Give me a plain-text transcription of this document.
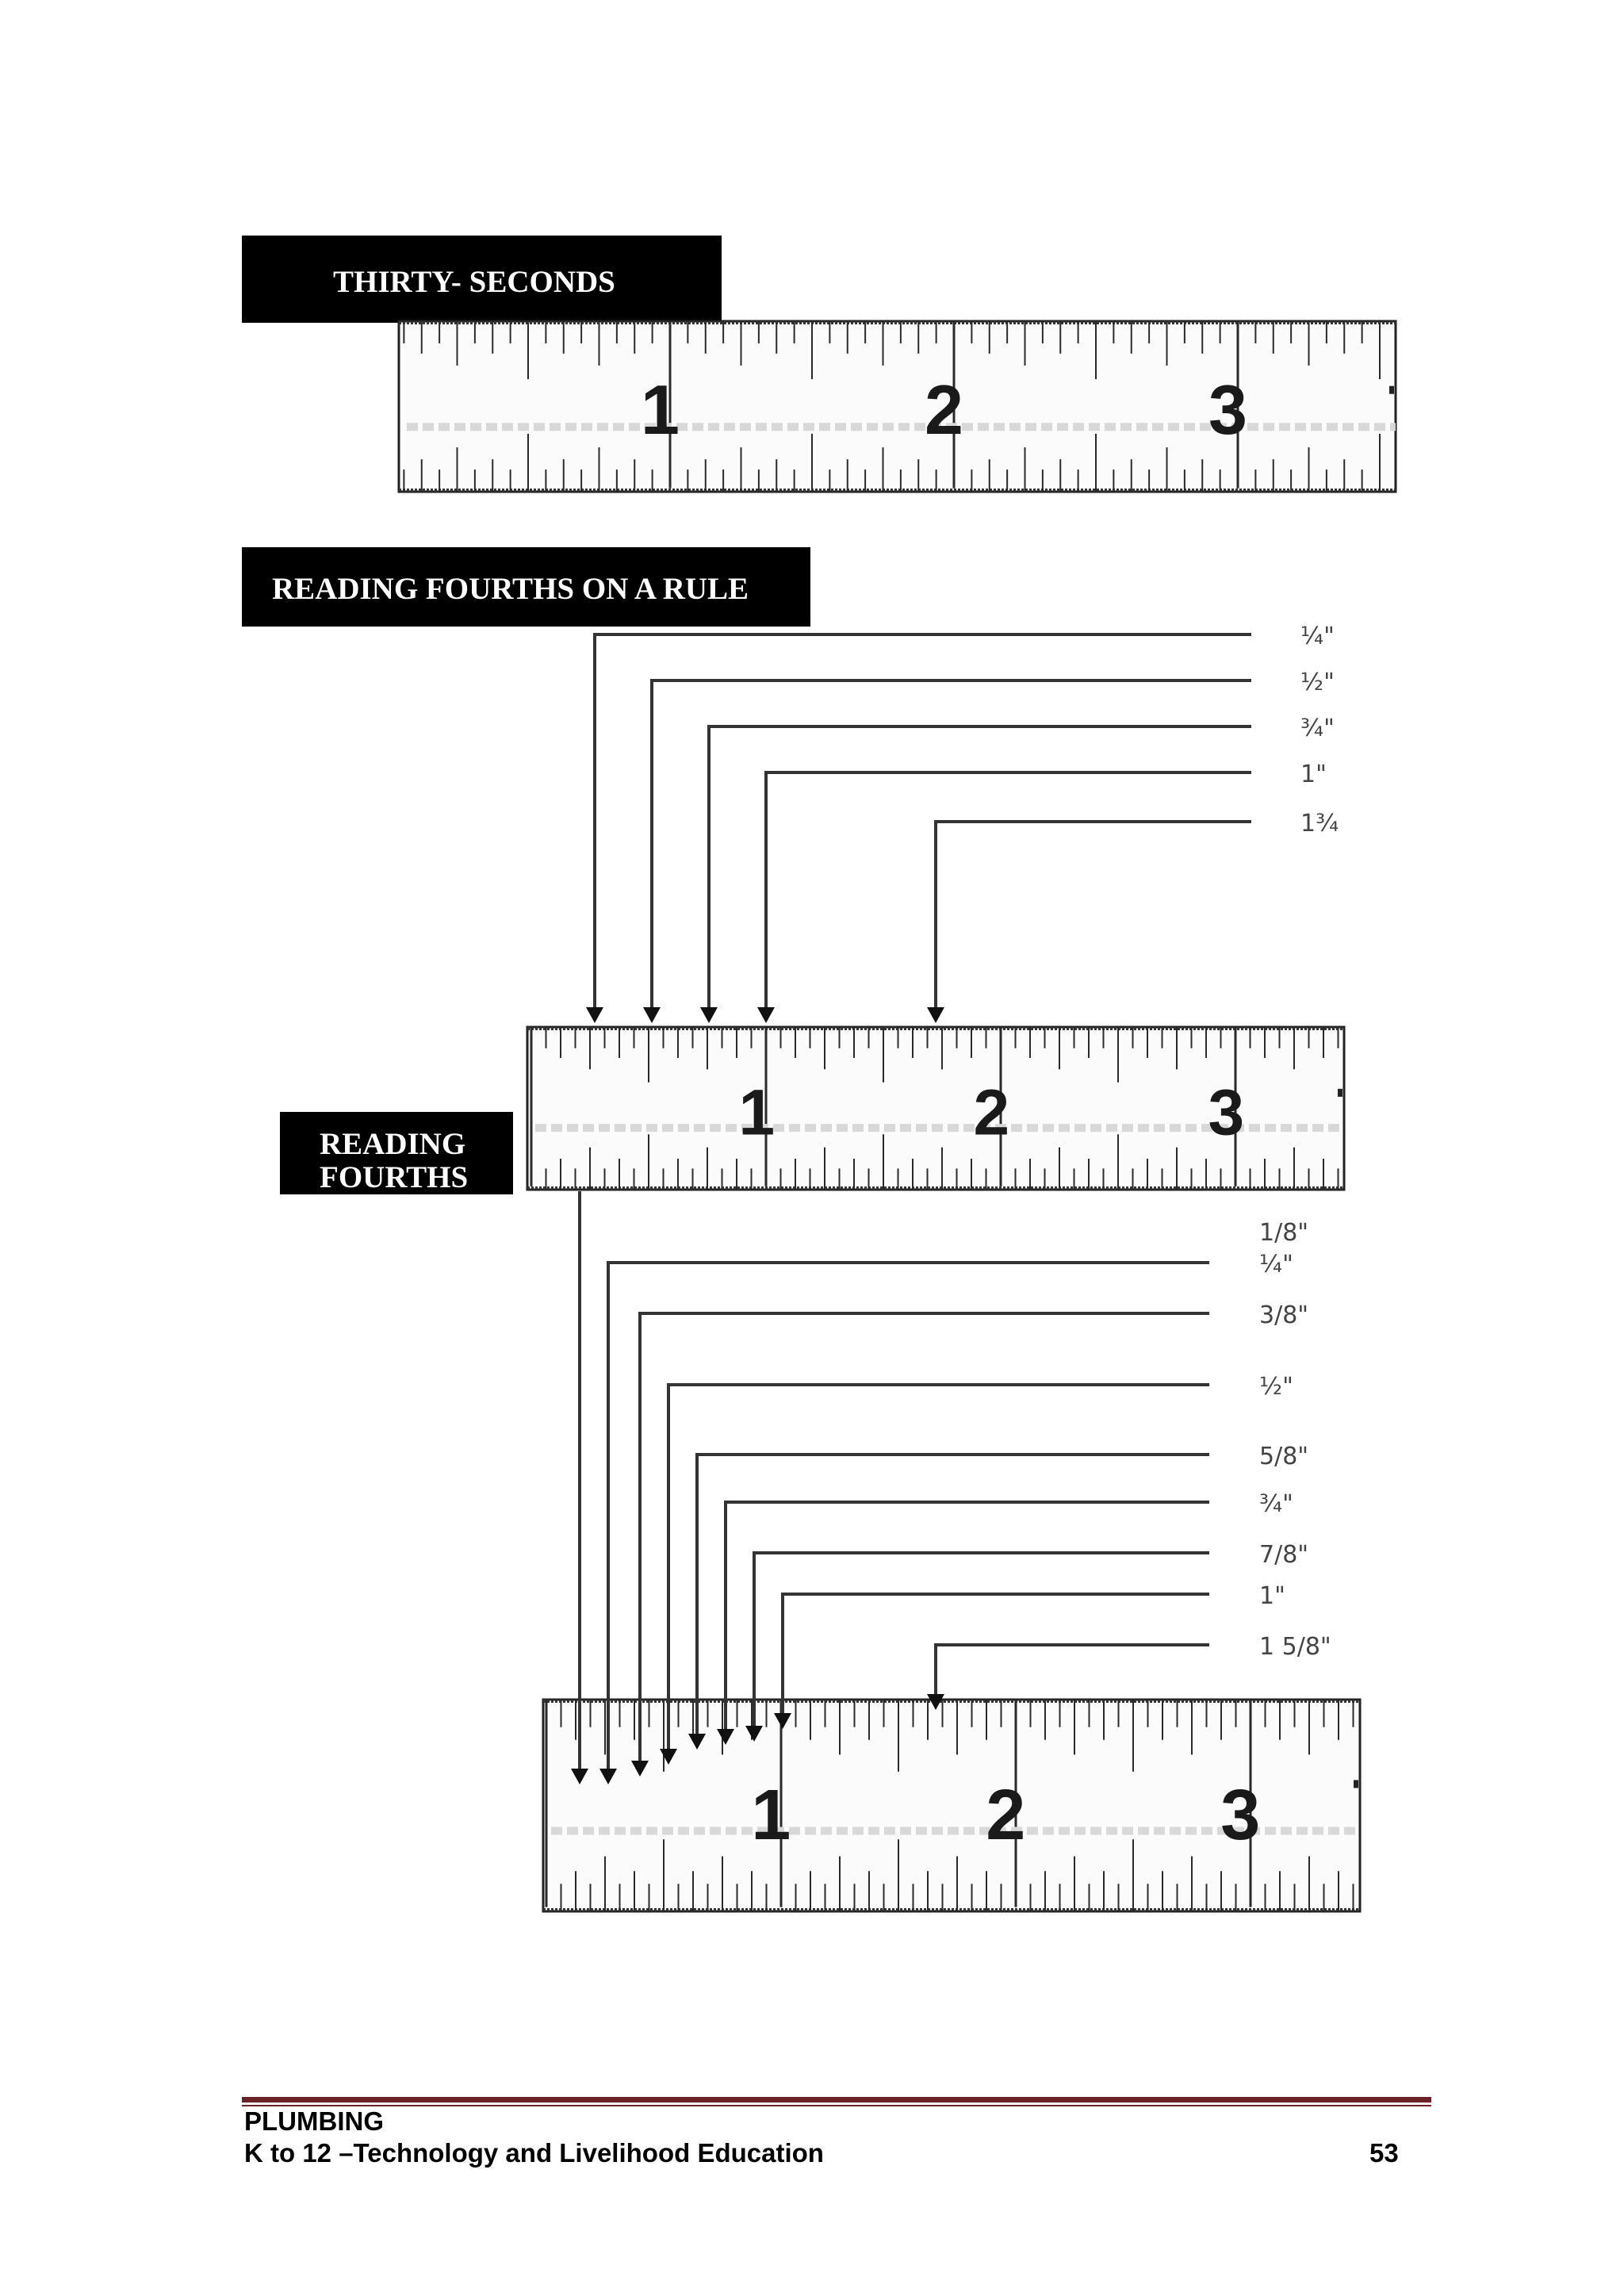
THIRTY- SECONDS
READING FOURTHS ON A RULE
READING
FOURTHS
1	2	3
1	2	3
1	2	3
¼"
½"
¾"
1"
1¾
1/8"
¼"
3/8"
½"
5/8"
¾"
7/8"
1"
1 5/8"
PLUMBING
K to 12 –Technology and Livelihood Education	53
